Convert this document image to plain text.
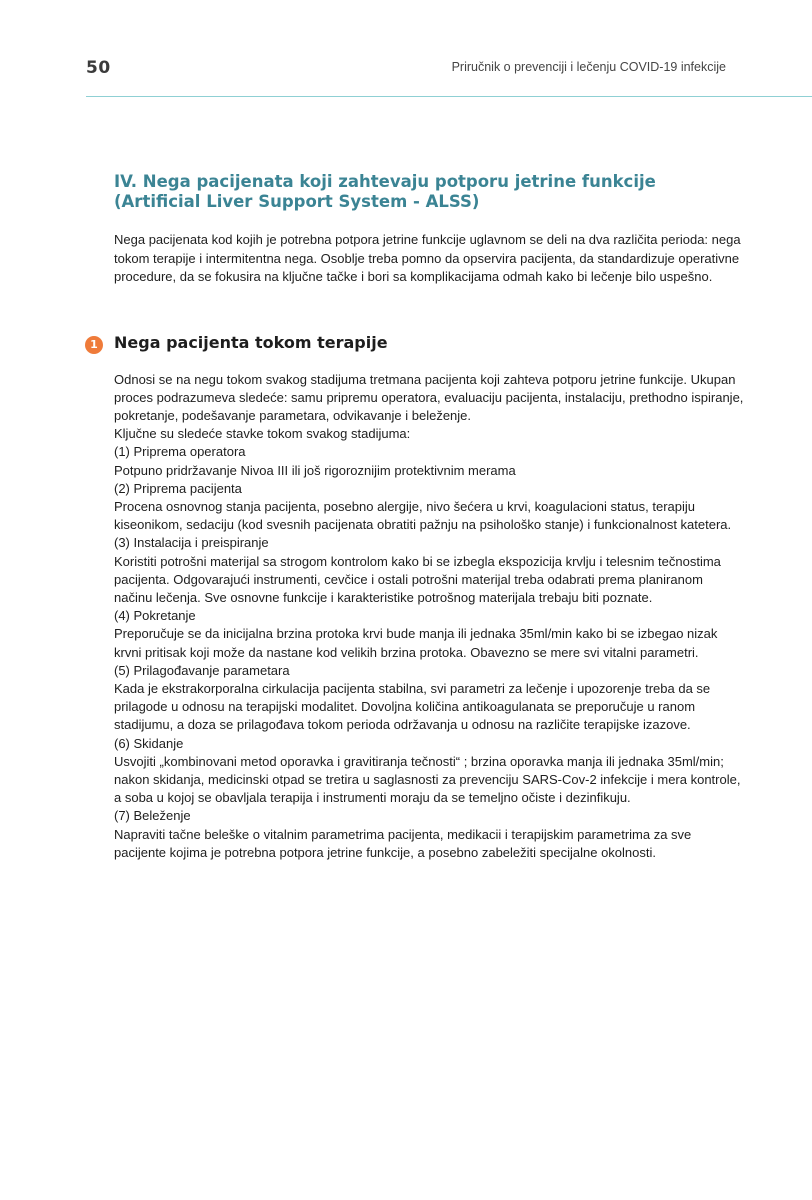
50	Priručnik o prevenciji i lečenju COVID-19 infekcije
IV. Nega pacijenata koji zahtevaju potporu jetrine funkcije (Artificial Liver Support System - ALSS)

Nega pacijenata kod kojih je potrebna potpora jetrine funkcije uglavnom se deli na dva različita perioda: nega tokom terapije i intermitentna nega. Osoblje treba pomno da opservira pacijenta, da standardizuje operativne procedure, da se fokusira na ključne tačke i bori sa komplikacijama odmah kako bi lečenje bilo uspešno.

1	Nega pacijenta tokom terapije

Odnosi se na negu tokom svakog stadijuma tretmana pacijenta koji zahteva potporu jetrine funkcije. Ukupan proces podrazumeva sledeće: samu pripremu operatora, evaluaciju pacijenta, instalaciju, prethodno ispiranje, pokretanje, podešavanje parametara, odvikavanje i beleženje.

Ključne su sledeće stavke tokom svakog stadijuma:

(1) Priprema operatora

Potpuno pridržavanje Nivoa III ili još rigoroznijim protektivnim merama

(2) Priprema pacijenta

Procena osnovnog stanja pacijenta, posebno alergije, nivo šećera u krvi, koagulacioni status, terapiju kiseonikom, sedaciju (kod svesnih pacijenata obratiti pažnju na psihološko stanje) i funkcionalnost katetera.

(3) Instalacija i preispiranje

Koristiti potrošni materijal sa strogom kontrolom kako bi se izbegla ekspozicija krvlju i telesnim tečnostima pacijenta. Odgovarajući instrumenti, cevčice i ostali potrošni materijal treba odabrati prema planiranom načinu lečenja. Sve osnovne funkcije i karakteristike potrošnog materijala trebaju biti poznate.

(4) Pokretanje

Preporučuje se da inicijalna brzina protoka krvi bude manja ili jednaka 35ml/min kako bi se izbegao nizak krvni pritisak koji može da nastane kod velikih brzina protoka. Obavezno se mere svi vitalni parametri.

(5) Prilagođavanje parametara

Kada je ekstrakorporalna cirkulacija pacijenta stabilna, svi parametri za lečenje i upozorenje treba da se prilagode u odnosu na terapijski modalitet. Dovoljna količina antikoagulanata se preporučuje u ranom stadijumu, a doza se prilagođava tokom perioda održavanja u odnosu na različite terapijske izazove.

(6) Skidanje

Usvojiti „kombinovani metod oporavka i gravitiranja tečnosti“ ; brzina oporavka manja ili jednaka 35ml/min; nakon skidanja, medicinski otpad se tretira u saglasnosti za prevenciju SARS-Cov-2 infekcije i mera kontrole, a soba u kojoj se obavljala terapija i instrumenti moraju da se temeljno očiste i dezinfikuju.

(7) Beleženje

Napraviti tačne beleške o vitalnim parametrima pacijenta, medikacii i terapijskim parametrima za sve pacijente kojima je potrebna potpora jetrine funkcije, a posebno zabeležiti specijalne okolnosti.
